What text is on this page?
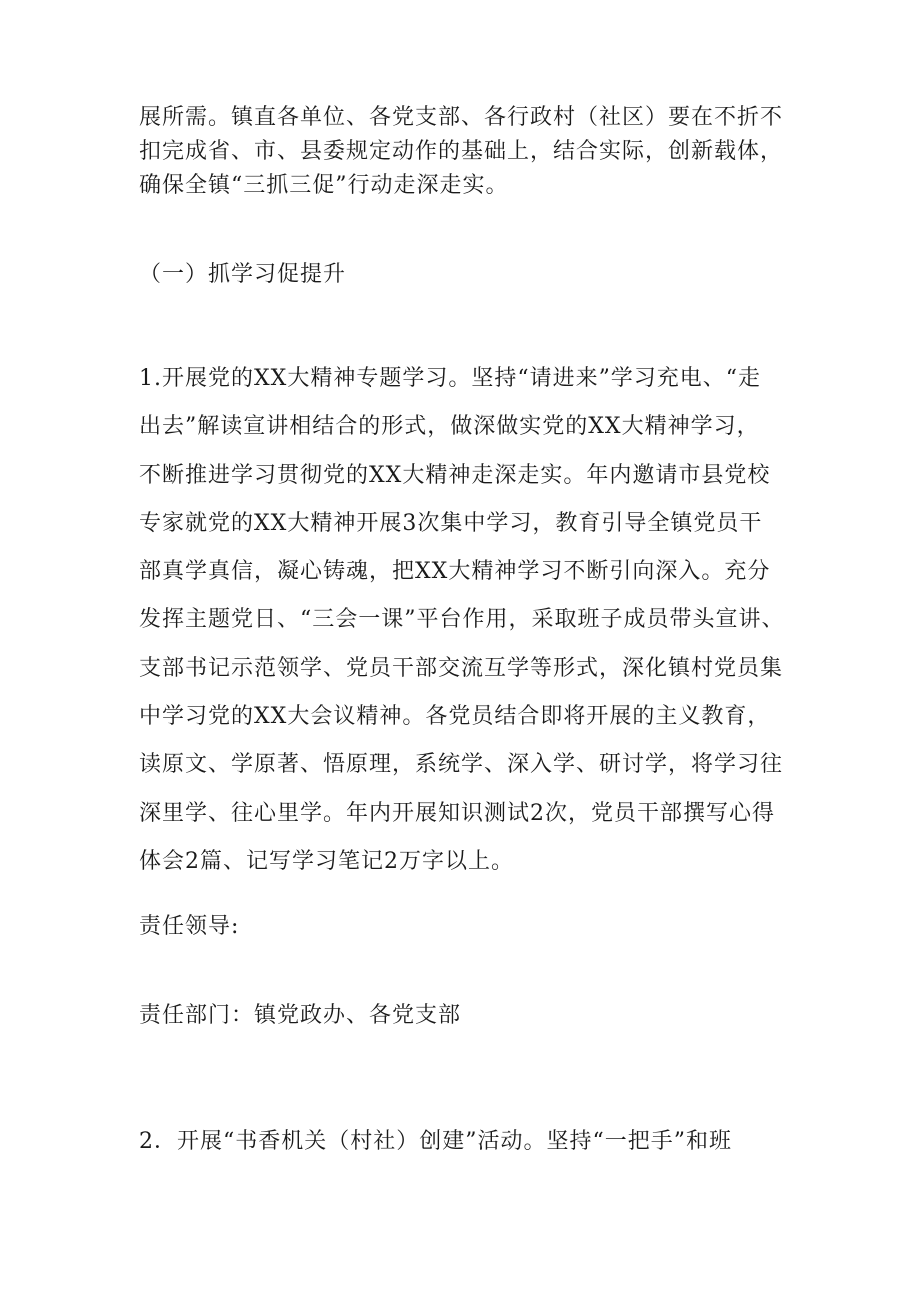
展所需。镇直各单位、各党支部、各行政村（社区）要在不折不
扣完成省、市、县委规定动作的基础上，结合实际，创新载体，
确保全镇“三抓三促”行动走深走实。
（一）抓学习促提升
1.开展党的XX大精神专题学习。坚持“请进来”学习充电、“走
出去”解读宣讲相结合的形式，做深做实党的XX大精神学习，
不断推进学习贯彻党的XX大精神走深走实。年内邀请市县党校
专家就党的XX大精神开展3次集中学习，教育引导全镇党员干
部真学真信，凝心铸魂，把XX大精神学习不断引向深入。充分
发挥主题党日、“三会一课”平台作用，采取班子成员带头宣讲、
支部书记示范领学、党员干部交流互学等形式，深化镇村党员集
中学习党的XX大会议精神。各党员结合即将开展的主义教育，
读原文、学原著、悟原理，系统学、深入学、研讨学，将学习往
深里学、往心里学。年内开展知识测试2次，党员干部撰写心得
体会2篇、记写学习笔记2万字以上。
责任领导:
责任部门：镇党政办、各党支部
2．开展“书香机关（村社）创建”活动。坚持“一把手”和班
